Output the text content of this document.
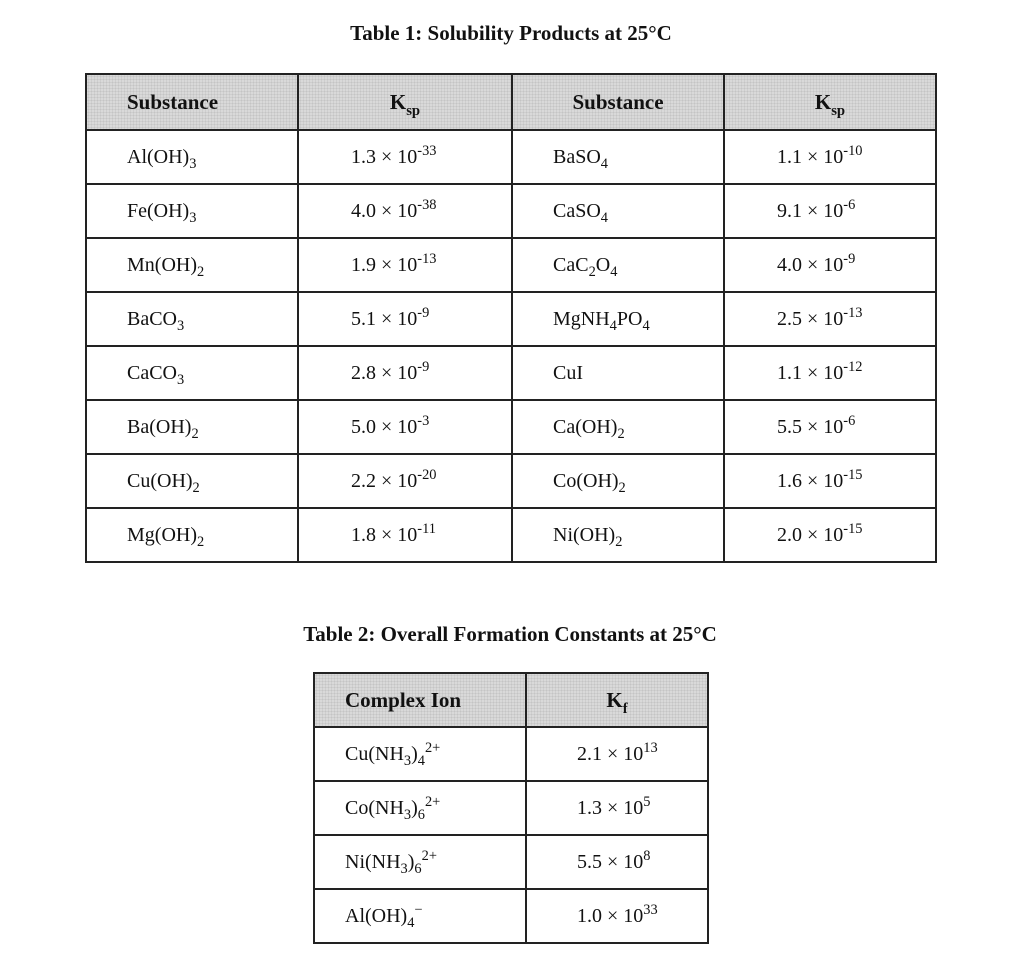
Table 1: Solubility Products at 25°C
Substance	$K_{sp}$	Substance	$K_{sp}$
$Al(OH)_3$	$1.3 \times 10^{-33}$	BaSO$_4$	$1.1 \times 10^{-10}$
$Fe(OH)_3$	$4.0 \times 10^{-38}$	CaSO$_4$	$9.1 \times 10^{-6}$
$Mn(OH)_2$	$1.9 \times 10^{-13}$	$CaC_2O_4$	$4.0 \times 10^{-9}$
BaCO$_3$	$5.1 \times 10^{-9}$	$MgNH_4PO_4$	$2.5 \times 10^{-13}$
CaCO$_3$	$2.8 \times 10^{-9}$	CuI	$1.1 \times 10^{-12}$
$Ba(OH)_2$	$5.0 \times 10^{-3}$	$Ca(OH)_2$	$5.5 \times 10^{-6}$
$Cu(OH)_2$	$2.2 \times 10^{-20}$	$Co(OH)_2$	$1.6 \times 10^{-15}$
$Mg(OH)_2$	$1.8 \times 10^{-11}$	$Ni(OH)_2$	$2.0 \times 10^{-15}$
Table 2: Overall Formation Constants at 25°C
Complex Ion	$K_f$
$Cu(NH_3)_4^{2+}$	$2.1 \times 10^{13}$
$Co(NH_3)_6^{2+}$	$1.3 \times 10^5$
$Ni(NH_3)_6^{2+}$	$5.5 \times 10^8$
$Al(OH)_4^-$	$1.0 \times 10^{33}$
